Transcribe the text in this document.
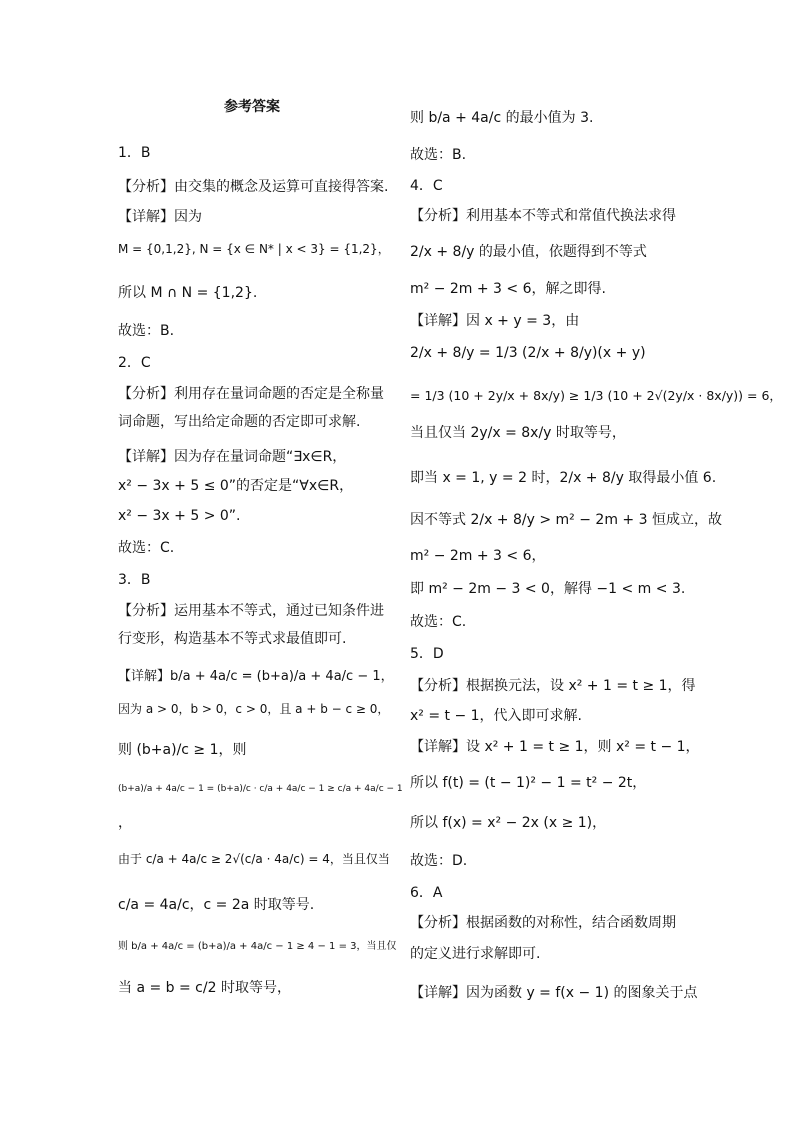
参考答案
1．B
【分析】由交集的概念及运算可直接得答案.
【详解】因为
M = {0,1,2}, N = {x ∈ N* | x < 3} = {1,2}，
所以 M ∩ N = {1,2}.
故选：B.
2．C
【分析】利用存在量词命题的否定是全称量
词命题，写出给定命题的否定即可求解.
【详解】因为存在量词命题“∃x∈R，
x² − 3x + 5 ≤ 0”的否定是“∀x∈R，
x² − 3x + 5 > 0”.
故选：C.
3．B
【分析】运用基本不等式，通过已知条件进
行变形，构造基本不等式求最值即可.
【详解】b/a + 4a/c = (b+a)/a + 4a/c − 1，
因为 a > 0，b > 0，c > 0，且 a + b − c ≥ 0，
则 (b+a)/c ≥ 1，则
(b+a)/a + 4a/c − 1 = (b+a)/c · c/a + 4a/c − 1 ≥ c/a + 4a/c − 1
，
由于 c/a + 4a/c ≥ 2√(c/a · 4a/c) = 4，当且仅当
c/a = 4a/c，c = 2a 时取等号.
则 b/a + 4a/c = (b+a)/a + 4a/c − 1 ≥ 4 − 1 = 3，当且仅
当 a = b = c/2 时取等号，
则 b/a + 4a/c 的最小值为 3.
故选：B.
4．C
【分析】利用基本不等式和常值代换法求得
2/x + 8/y 的最小值，依题得到不等式
m² − 2m + 3 < 6，解之即得.
【详解】因 x + y = 3，由
2/x + 8/y = 1/3 (2/x + 8/y)(x + y)
= 1/3 (10 + 2y/x + 8x/y) ≥ 1/3 (10 + 2√(2y/x · 8x/y)) = 6，
当且仅当 2y/x = 8x/y 时取等号，
即当 x = 1, y = 2 时，2/x + 8/y 取得最小值 6.
因不等式 2/x + 8/y > m² − 2m + 3 恒成立，故
m² − 2m + 3 < 6，
即 m² − 2m − 3 < 0，解得 −1 < m < 3.
故选：C.
5．D
【分析】根据换元法，设 x² + 1 = t ≥ 1，得
x² = t − 1，代入即可求解.
【详解】设 x² + 1 = t ≥ 1，则 x² = t − 1，
所以 f(t) = (t − 1)² − 1 = t² − 2t，
所以 f(x) = x² − 2x (x ≥ 1)，
故选：D.
6．A
【分析】根据函数的对称性，结合函数周期
的定义进行求解即可.
【详解】因为函数 y = f(x − 1) 的图象关于点
